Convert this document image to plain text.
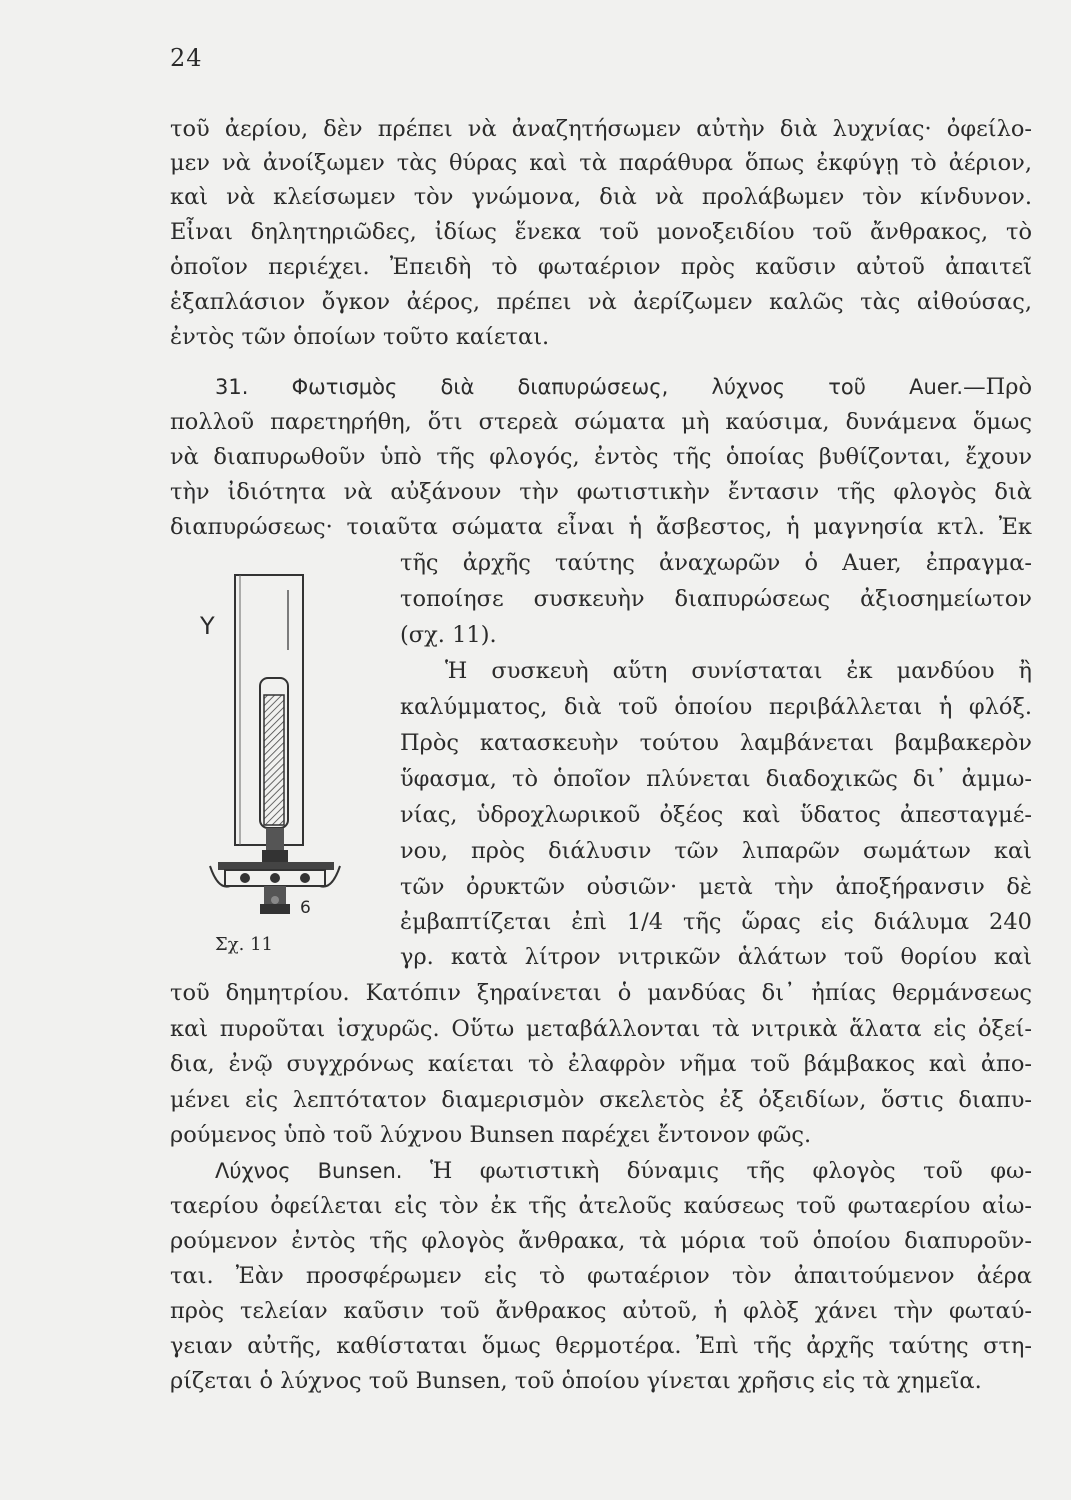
24
τοῦ ἀερίου, δὲν πρέπει νὰ ἀναζητήσωμεν αὐτὴν διὰ λυχνίας· ὀφείλο-
μεν νὰ ἀνοίξωμεν τὰς θύρας καὶ τὰ παράθυρα ὅπως ἐκφύγῃ τὸ ἀέριον,
καὶ νὰ κλείσωμεν τὸν γνώμονα, διὰ νὰ προλάβωμεν τὸν κίνδυνον.
Εἶναι δηλητηριῶδες, ἰδίως ἕνεκα τοῦ μονοξειδίου τοῦ ἄνθρακος, τὸ
ὁποῖον περιέχει. Ἐπειδὴ τὸ φωταέριον πρὸς καῦσιν αὐτοῦ ἀπαιτεῖ
ἑξαπλάσιον ὄγκον ἀέρος, πρέπει νὰ ἀερίζωμεν καλῶς τὰς αἰθούσας,
ἐντὸς τῶν ὁποίων τοῦτο καίεται.
31. Φωτισμὸς διὰ διαπυρώσεως, λύχνος τοῦ Auer.—Πρὸ
πολλοῦ παρετηρήθη, ὅτι στερεὰ σώματα μὴ καύσιμα, δυνάμενα ὅμως
νὰ διαπυρωθοῦν ὑπὸ τῆς φλογός, ἐντὸς τῆς ὁποίας βυθίζονται, ἔχουν
τὴν ἰδιότητα νὰ αὐξάνουν τὴν φωτιστικὴν ἔντασιν τῆς φλογὸς διὰ
διαπυρώσεως· τοιαῦτα σώματα εἶναι ἡ ἄσβεστος, ἡ μαγνησία κτλ. Ἐκ
τῆς ἀρχῆς ταύτης ἀναχωρῶν ὁ Auer, ἐπραγμα-
τοποίησε συσκευὴν διαπυρώσεως ἀξιοσημείωτον
(σχ. 11).
Y
6
Σχ. 11
Ἡ συσκευὴ αὕτη συνίσταται ἐκ μανδύου ἢ
καλύμματος, διὰ τοῦ ὁποίου περιβάλλεται ἡ φλόξ.
Πρὸς κατασκευὴν τούτου λαμβάνεται βαμβακερὸν
ὕφασμα, τὸ ὁποῖον πλύνεται διαδοχικῶς δι᾽ ἀμμω-
νίας, ὑδροχλωρικοῦ ὀξέος καὶ ὕδατος ἀπεσταγμέ-
νου, πρὸς διάλυσιν τῶν λιπαρῶν σωμάτων καὶ
τῶν ὀρυκτῶν οὐσιῶν· μετὰ τὴν ἀποξήρανσιν δὲ
ἐμβαπτίζεται ἐπὶ 1/4 τῆς ὥρας εἰς διάλυμα 240
γρ. κατὰ λίτρον νιτρικῶν ἁλάτων τοῦ θορίου καὶ
τοῦ δημητρίου. Κατόπιν ξηραίνεται ὁ μανδύας δι᾽ ἠπίας θερμάνσεως
καὶ πυροῦται ἰσχυρῶς. Οὕτω μεταβάλλονται τὰ νιτρικὰ ἅλατα εἰς ὀξεί-
δια, ἐνῷ συγχρόνως καίεται τὸ ἐλαφρὸν νῆμα τοῦ βάμβακος καὶ ἀπο-
μένει εἰς λεπτότατον διαμερισμὸν σκελετὸς ἐξ ὀξειδίων, ὅστις διαπυ-
ρούμενος ὑπὸ τοῦ λύχνου Bunsen παρέχει ἔντονον φῶς.
Λύχνος Bunsen. Ἡ φωτιστικὴ δύναμις τῆς φλογὸς τοῦ φω-
ταερίου ὀφείλεται εἰς τὸν ἐκ τῆς ἀτελοῦς καύσεως τοῦ φωταερίου αἰω-
ρούμενον ἐντὸς τῆς φλογὸς ἄνθρακα, τὰ μόρια τοῦ ὁποίου διαπυροῦν-
ται. Ἐὰν προσφέρωμεν εἰς τὸ φωταέριον τὸν ἀπαιτούμενον ἀέρα
πρὸς τελείαν καῦσιν τοῦ ἄνθρακος αὐτοῦ, ἡ φλὸξ χάνει τὴν φωταύ-
γειαν αὐτῆς, καθίσταται ὅμως θερμοτέρα. Ἐπὶ τῆς ἀρχῆς ταύτης στη-
ρίζεται ὁ λύχνος τοῦ Bunsen, τοῦ ὁποίου γίνεται χρῆσις εἰς τὰ χημεῖα.
